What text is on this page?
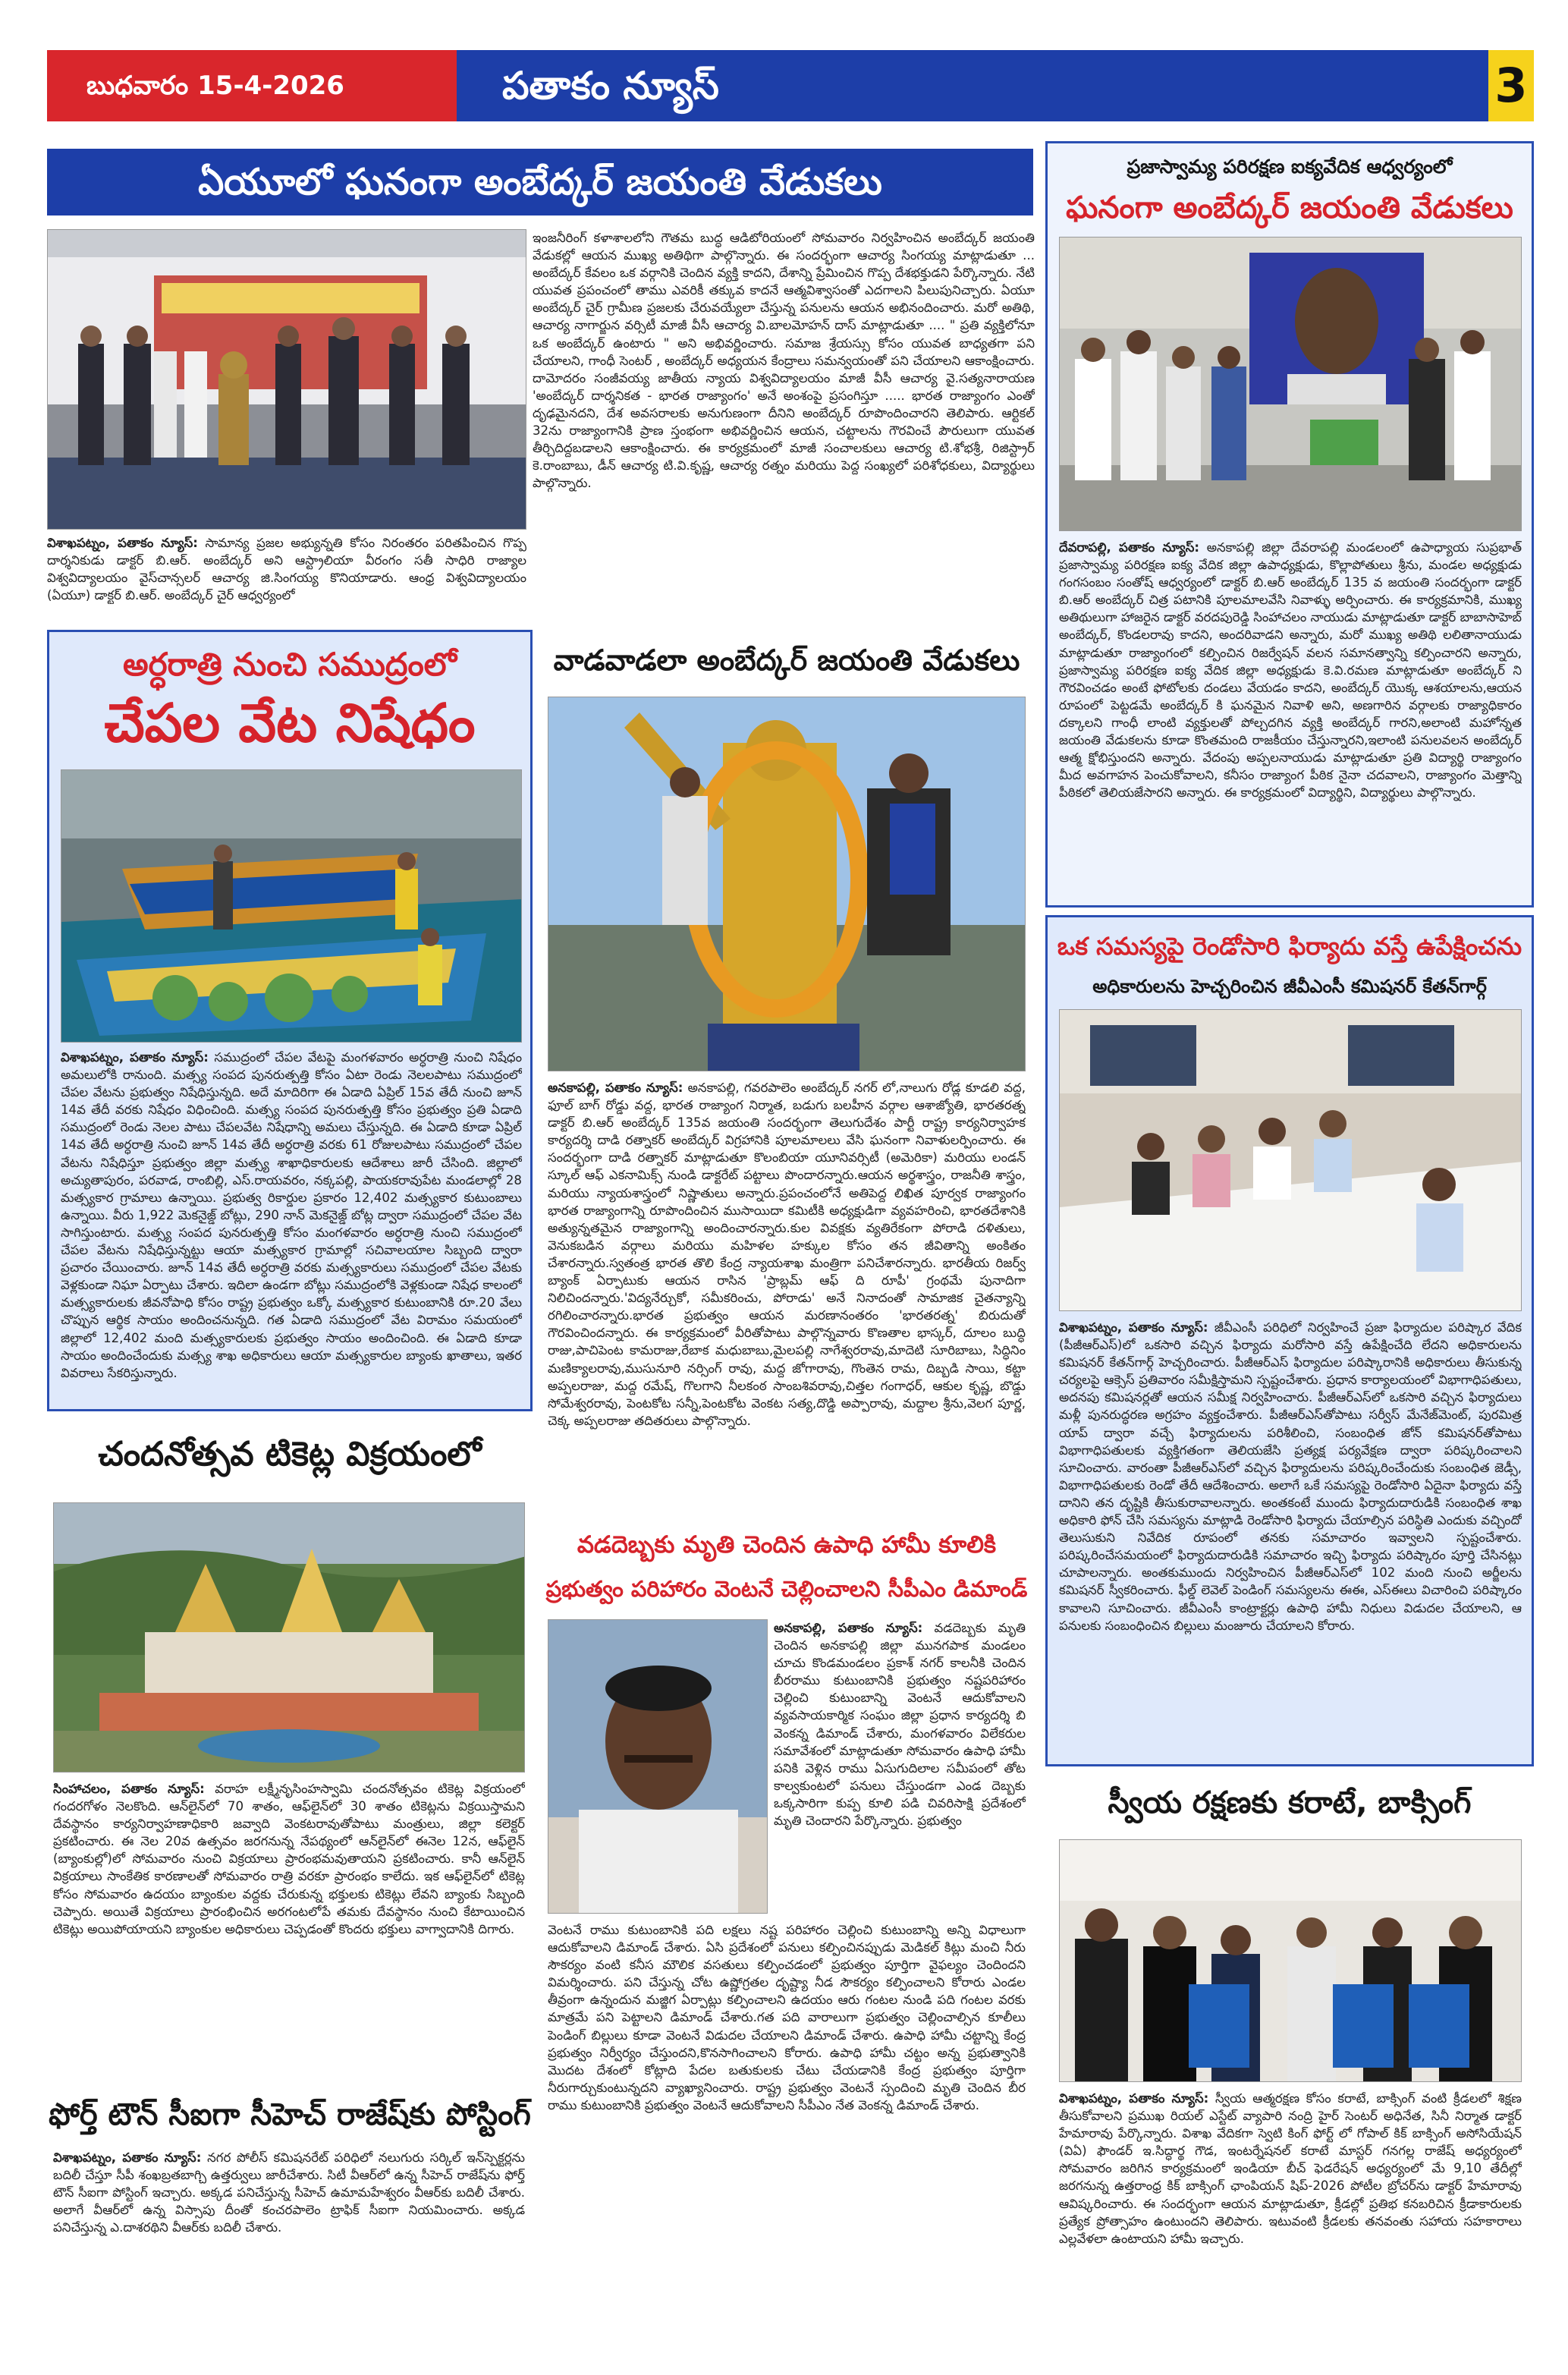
బుధవారం 15-4-2026	పతాకం న్యూస్	3
ఏయూలో ఘనంగా అంబేద్కర్ జయంతి వేడుకలు
ఇంజనీరింగ్ కళాశాలలోని గౌతమ బుద్ధ ఆడిటోరియంలో సోమవారం నిర్వహించిన అంబేద్కర్ జయంతి వేడుకల్లో ఆయన ముఖ్య అతిథిగా పాల్గొన్నారు. ఈ సందర్భంగా ఆచార్య సింగయ్య మాట్లాడుతూ ... అంబేద్కర్ కేవలం ఒక వర్గానికి చెందిన వ్యక్తి కాదని, దేశాన్ని ప్రేమించిన గొప్ప దేశభక్తుడని పేర్కొన్నారు. నేటి యువత ప్రపంచంలో తాము ఎవరికీ తక్కువ కాదనే ఆత్మవిశ్వాసంతో ఎదగాలని పిలుపునిచ్చారు. ఏయూ అంబేద్కర్ చైర్ గ్రామీణ ప్రజలకు చేరువయ్యేలా చేస్తున్న పనులను ఆయన అభినందించారు. మరో అతిథి, ఆచార్య నాగార్జున వర్సిటీ మాజీ వీసీ ఆచార్య వి.బాలమోహన్ దాస్ మాట్లాడుతూ .... " ప్రతి వ్యక్తిలోనూ ఒక అంబేద్కర్ ఉంటారు " అని అభివర్ణించారు. సమాజ శ్రేయస్సు కోసం యువత బాధ్యతగా పని చేయాలని, గాంధీ సెంటర్ , అంబేద్కర్ అధ్యయన కేంద్రాలు సమన్వయంతో పని చేయాలని ఆకాంక్షించారు. దామోదరం సంజీవయ్య జాతీయ న్యాయ విశ్వవిద్యాలయం మాజీ వీసీ ఆచార్య వై.సత్యనారాయణ 'అంబేద్కర్ దార్శనికత - భారత రాజ్యాంగం' అనే అంశంపై ప్రసంగిస్తూ ..... భారత రాజ్యాంగం ఎంతో దృఢమైనదని, దేశ అవసరాలకు అనుగుణంగా దీనిని అంబేద్కర్ రూపొందించారని తెలిపారు. ఆర్టికల్ 32ను రాజ్యాంగానికి ప్రాణ స్తంభంగా అభివర్ణించిన ఆయన, చట్టాలను గౌరవించే పౌరులుగా యువత తీర్చిదిద్దబడాలని ఆకాంక్షించారు. ఈ కార్యక్రమంలో మాజీ సంచాలకులు ఆచార్య టి.శోభశ్రీ, రిజిస్ట్రార్ కె.రాంబాబు, డీన్ ఆచార్య టి.వి.కృష్ణ, ఆచార్య రత్నం మరియు పెద్ద సంఖ్యలో పరిశోధకులు, విద్యార్థులు పాల్గొన్నారు.
విశాఖపట్నం, పతాకం న్యూస్: సామాన్య ప్రజల అభ్యున్నతి కోసం నిరంతరం పరితపించిన గొప్ప దార్శనికుడు డాక్టర్ బి.ఆర్. అంబేద్కర్ అని ఆస్ట్రాలియా వీరంగం సతీ సాధిరి రాజ్యాల విశ్వవిద్యాలయం వైస్‌చాన్సలర్ ఆచార్య జి.సింగయ్య కొనియాడారు. ఆంధ్ర విశ్వవిద్యాలయం (ఏయూ) డాక్టర్ బి.ఆర్. అంబేద్కర్ చైర్ ఆధ్వర్యంలో
అర్ధరాత్రి నుంచి సముద్రంలో
చేపల వేట నిషేధం
విశాఖపట్నం, పతాకం న్యూస్: సముద్రంలో చేపల వేటపై మంగళవారం అర్ధరాత్రి నుంచి నిషేధం అమలులోకి రానుంది. మత్స్య సంపద పునరుత్పత్తి కోసం ఏటా రెండు నెలలపాటు సముద్రంలో చేపల వేటను ప్రభుత్వం నిషేధిస్తున్నది. అదే మాదిరిగా ఈ ఏడాది ఏప్రిల్ 15వ తేదీ నుంచి జూన్ 14వ తేదీ వరకు నిషేధం విధించింది. మత్స్య సంపద పునరుత్పత్తి కోసం ప్రభుత్వం ప్రతి ఏడాది సముద్రంలో రెండు నెలల పాటు చేపలవేట నిషేధాన్ని అమలు చేస్తున్నది. ఈ ఏడాది కూడా ఏప్రిల్ 14వ తేదీ అర్ధరాత్రి నుంచి జూన్ 14వ తేదీ అర్ధరాత్రి వరకు 61 రోజులపాటు సముద్రంలో చేపల వేటను నిషేధిస్తూ ప్రభుత్వం జిల్లా మత్స్య శాఖాధికారులకు ఆదేశాలు జారీ చేసింది. జిల్లాలో అచ్యుతాపురం, పరవాడ, రాంబిల్లి, ఎస్.రాయవరం, నక్కపల్లి, పాయకరావుపేట మండలాల్లో 28 మత్స్యకార గ్రామాలు ఉన్నాయి. ప్రభుత్వ రికార్డుల ప్రకారం 12,402 మత్స్యకార కుటుంబాలు ఉన్నాయి. వీరు 1,922 మెకనైజ్డ్ బోట్లు, 290 నాన్ మెకనైజ్డ్ బోట్ల ద్వారా సముద్రంలో చేపల వేట సాగిస్తుంటారు. మత్స్య సంపద పునరుత్పత్తి కోసం మంగళవారం అర్ధరాత్రి నుంచి సముద్రంలో చేపల వేటను నిషేధిస్తున్నట్టు ఆయా మత్స్యకార గ్రామాల్లో సచివాలయాల సిబ్బంది ద్వారా ప్రచారం చేయించారు. జూన్ 14వ తేదీ అర్ధరాత్రి వరకు మత్స్యకారులు సముద్రంలో చేపల వేటకు వెళ్లకుండా నిఘా ఏర్పాటు చేశారు. ఇదిలా ఉండగా బోట్లు సముద్రంలోకి వెళ్లకుండా నిషేధ కాలంలో మత్స్యకారులకు జీవనోపాధి కోసం రాష్ట్ర ప్రభుత్వం ఒక్కో మత్స్యకార కుటుంబానికి రూ.20 వేలు చొప్పున ఆర్థిక సాయం అందించనున్నది. గత ఏడాది సముద్రంలో వేట విరామం సమయంలో జిల్లాలో 12,402 మంది మత్స్యకారులకు ప్రభుత్వం సాయం అందించింది. ఈ ఏడాది కూడా సాయం అందించేందుకు మత్స్య శాఖ అధికారులు ఆయా మత్స్యకారుల బ్యాంకు ఖాతాలు, ఇతర వివరాలు సేకరిస్తున్నారు.
చందనోత్సవ టికెట్ల విక్రయంలో
సింహాచలం, పతాకం న్యూస్: వరాహ లక్ష్మీనృసింహస్వామి చందనోత్సవం టికెట్ల విక్రయంలో గందరగోళం నెలకొంది. ఆన్‌లైన్‌లో 70 శాతం, ఆఫ్‌లైన్‌లో 30 శాతం టికెట్లను విక్రయిస్తామని దేవస్థానం కార్యనిర్వాహణాధికారి జవ్వాది వెంకటరావుతోపాటు మంత్రులు, జిల్లా కలెక్టర్ ప్రకటించారు. ఈ నెల 20వ ఉత్సవం జరగనున్న నేపథ్యంలో ఆన్‌లైన్‌లో ఈనెల 12న, ఆఫ్‌లైన్ (బ్యాంకుల్లో)లో సోమవారం నుంచి విక్రయాలు ప్రారంభమవుతాయని ప్రకటించారు. కానీ ఆన్‌లైన్ విక్రయాలు సాంకేతిక కారణాలతో సోమవారం రాత్రి వరకూ ప్రారంభం కాలేదు. ఇక ఆఫ్‌లైన్‌లో టికెట్ల కోసం సోమవారం ఉదయం బ్యాంకుల వద్దకు చేరుకున్న భక్తులకు టికెట్లు లేవని బ్యాంకు సిబ్బంది చెప్పారు. అయితే విక్రయాలు ప్రారంభించిన అరగంటలోపే తమకు దేవస్థానం నుంచి కేటాయించిన టికెట్లు అయిపోయాయని బ్యాంకుల అధికారులు చెప్పడంతో కొందరు భక్తులు వాగ్వాదానికి దిగారు.
ఫోర్త్ టౌన్ సీఐగా సీహెచ్ రాజేష్‌కు పోస్టింగ్
విశాఖపట్నం, పతాకం న్యూస్: నగర పోలీస్ కమిషనరేట్ పరిధిలో నలుగురు సర్కిల్ ఇన్‌స్పెక్టర్లను బదిలీ చేస్తూ సీపీ శంఖబ్రతబాగ్చి ఉత్తర్వులు జారీచేశారు. సిటీ వీఆర్‌లో ఉన్న సీహెచ్ రాజేష్‌ను ఫోర్త్ టౌన్ సీఐగా పోస్టింగ్ ఇచ్చారు. అక్కడ పనిచేస్తున్న సీహెచ్ ఉమామహేశ్వరం వీఆర్‌కు బదిలీ చేశారు. అలాగే వీఆర్‌లో ఉన్న విస్సాపు దీంతో కంచరపాలెం ట్రాఫిక్ సీఐగా నియమించారు. అక్కడ పనిచేస్తున్న ఎ.దాశరథిని వీఆర్‌కు బదిలీ చేశారు.
వాడవాడలా అంబేద్కర్ జయంతి వేడుకలు
అనకాపల్లి, పతాకం న్యూస్: అనకాపల్లి, గవరపాలెం అంబేద్కర్ నగర్ లో,నాలుగు రోడ్ల కూడలి వద్ద, ఫూల్ బాగ్ రోడ్డు వద్ద, భారత రాజ్యాంగ నిర్మాత, బడుగు బలహీన వర్గాల ఆశాజ్యోతి, భారతరత్న డాక్టర్ బి.ఆర్ అంబేద్కర్ 135వ జయంతి సందర్భంగా తెలుగుదేశం పార్టీ రాష్ట్ర కార్యనిర్వాహక కార్యదర్శి దాడి రత్నాకర్ అంబేద్కర్ విగ్రహానికి పూలమాలలు వేసి ఘనంగా నివాళులర్పించారు. ఈ సందర్భంగా దాడి రత్నాకర్ మాట్లాడుతూ కొలంబియా యూనివర్సిటీ (అమెరికా) మరియు లండన్ స్కూల్ ఆఫ్ ఎకనామిక్స్ నుండి డాక్టరేట్ పట్టాలు పొందారన్నారు.ఆయన అర్థశాస్త్రం, రాజనీతి శాస్త్రం, మరియు న్యాయశాస్త్రంలో నిష్ణాతులు అన్నారు.ప్రపంచంలోనే అతిపెద్ద లిఖిత పూర్వక రాజ్యాంగం భారత రాజ్యాంగాన్ని రూపొందించిన ముసాయిదా కమిటీకి అధ్యక్షుడిగా వ్యవహరించి, భారతదేశానికి అత్యున్నతమైన రాజ్యాంగాన్ని అందించారన్నారు.కుల వివక్షకు వ్యతిరేకంగా పోరాడి దళితులు, వెనుకబడిన వర్గాలు మరియు మహిళల హక్కుల కోసం తన జీవితాన్ని అంకితం చేశారన్నారు.స్వతంత్ర భారత తొలి కేంద్ర న్యాయశాఖ మంత్రిగా పనిచేశారన్నారు. భారతీయ రిజర్వ్ బ్యాంక్ ఏర్పాటుకు ఆయన రాసిన 'ప్రాబ్లమ్ ఆఫ్ ది రూపీ' గ్రంథమే పునాదిగా నిలిచిందన్నారు.'విద్యనేర్చుకో, సమీకరించు, పోరాడు' అనే నినాదంతో సామాజిక చైతన్యాన్ని రగిలించారన్నారు.భారత ప్రభుత్వం ఆయన మరణానంతరం 'భారతరత్న' బిరుదుతో గౌరవించిందన్నారు. ఈ కార్యక్రమంలో వీరితోపాటు పాల్గొన్నవారు కొణతాల భాస్కర్, దూలం బుద్ధి రాజు,పాచిపెంట కామరాజు,రేబాక మధుబాబు,మైలపల్లి నాగేశ్వరరావు,మాదెటి సూరిబాబు, సిద్ధినిం మణిక్యాలరావు,ముసునూరి నర్సింగ్ రావు, మద్ద జోగారావు, గొంతెన రామ, దిబ్బడి సాయి, కట్టా అప్పలరాజు, మద్ద రమేష్, గొలగాని నీలకంఠ సాంబశివరావు,చిత్తల గంగాధర్, ఆకుల కృష్ణ, బొడ్డు సోమేశ్వరరావు, పెంటకోట సన్నీ,పెంటకోట వెంకట సత్య,దొడ్డి అప్పారావు, మద్దాల శ్రీను,వెలగ పూర్ణ, చెక్క అప్పలరాజు తదితరులు పాల్గొన్నారు.
వడదెబ్బకు మృతి చెందిన ఉపాధి హామీ కూలికి
ప్రభుత్వం పరిహారం వెంటనే చెల్లించాలని సీపీఎం డిమాండ్
అనకాపల్లి, పతాకం న్యూస్: వడదెబ్బకు మృతి చెందిన అనకాపల్లి జిల్లా మునగపాక మండలం చూచు కొండమండలం ప్రకాశ్ నగర్ కాలనీకి చెందిన బీరరాము కుటుంబానికి ప్రభుత్వం నష్టపరిహారం చెల్లించి కుటుంబాన్ని వెంటనే ఆదుకోవాలని వ్యవసాయకార్మిక సంఘం జిల్లా ప్రధాన కార్యదర్శి బి వెంకన్న డిమాండ్ చేశారు, మంగళవారం విలేకరుల సమావేశంలో మాట్లాడుతూ సోమవారం ఉపాధి హామీ పనికి వెళ్లిన రాము ఏసుగుదిలాల సమీపంలో తోట కాల్వకుంటలో పనులు చేస్తుండగా ఎండ దెబ్బకు ఒక్కసారిగా కుప్ప కూలి పడి చివరిసాక్షి ప్రదేశంలో మృతి చెందారని పేర్కొన్నారు. ప్రభుత్వం
వెంటనే రాము కుటుంబానికి పది లక్షలు నష్ట పరిహారం చెల్లించి కుటుంబాన్ని అన్ని విధాలుగా ఆదుకోవాలని డిమాండ్ చేశారు. ఏసి ప్రదేశంలో పనులు కల్పించినప్పుడు మెడికల్ కిట్లు మంచి నీరు సౌకర్యం వంటి కనీస మౌలిక వసతులు కల్పించడంలో ప్రభుత్వం పూర్తిగా వైఫల్యం చెందిందని విమర్శించారు. పని చేస్తున్న చోట ఉష్ణోగ్రతల దృష్ట్యా నీడ సౌకర్యం కల్పించాలని కోరారు ఎండల తీవ్రంగా ఉన్నందున మజ్జిగ ఏర్పాట్లు కల్పించాలని ఉదయం ఆరు గంటల నుండి పది గంటల వరకు మాత్రమే పని పెట్టాలని డిమాండ్ చేశారు.గత పది వారాలుగా ప్రభుత్వం చెల్లించాల్సిన కూలీలు పెండింగ్ బిల్లులు కూడా వెంటనే విడుదల చేయాలని డిమాండ్ చేశారు. ఉపాధి హామీ చట్టాన్ని కేంద్ర ప్రభుత్వం నిర్వీర్యం చేస్తుందని,కొనసాగించాలని కోరారు. ఉపాధి హామీ చట్టం అన్న ప్రభుత్వానికి మొదట దేశంలో కోట్లాది పేదల బతుకులకు చేటు చేయడానికి కేంద్ర ప్రభుత్వం పూర్తిగా నీరుగార్చుకుంటున్నదని వ్యాఖ్యానించారు. రాష్ట్ర ప్రభుత్వం వెంటనే స్పందించి మృతి చెందిన బీర రాము కుటుంబానికి ప్రభుత్వం వెంటనే ఆదుకోవాలని సీపీఎం నేత వెంకన్న డిమాండ్ చేశారు.
ప్రజాస్వామ్య పరిరక్షణ ఐక్యవేదిక ఆధ్వర్యంలో
ఘనంగా అంబేద్కర్ జయంతి వేడుకలు
దేవరాపల్లి, పతాకం న్యూస్: అనకాపల్లి జిల్లా దేవరాపల్లి మండలంలో ఉపాధ్యాయ సుప్రభాత్ ప్రజాస్వామ్య పరిరక్షణ ఐక్య వేదిక జిల్లా ఉపాధ్యక్షుడు, కొల్లాపోతులు శ్రీను, మండల అధ్యక్షుడు గంగసంబం సంతోష్ ఆధ్వర్యంలో డాక్టర్ బి.ఆర్ అంబేద్కర్ 135 వ జయంతి సందర్భంగా డాక్టర్ బి.ఆర్ అంబేద్కర్ చిత్ర పటానికి పూలమాలవేసి నివాళ్ళు అర్పించారు. ఈ కార్యక్రమానికి, ముఖ్య అతిథులుగా హాజరైన డాక్టర్ వరదపురెడ్డి సింహాచలం నాయుడు మాట్లాడుతూ డాక్టర్ బాబాసాహెబ్ అంబేద్కర్, కొండలరావు కాదని, అందరివాడని అన్నారు, మరో ముఖ్య అతిథి లలితానాయుడు మాట్లాడుతూ రాజ్యాంగంలో కల్పించిన రిజర్వేషన్ వలన సమానత్వాన్ని కల్పించారని అన్నారు, ప్రజాస్వామ్య పరిరక్షణ ఐక్య వేదిక జిల్లా అధ్యక్షుడు కె.వి.రమణ మాట్లాడుతూ అంబేద్కర్ ని గౌరవించడం అంటే ఫోటోలకు దండలు వేయడం కాదని, అంబేద్కర్ యొక్క ఆశయాలను,ఆయన రూపంలో పెట్టడమే అంబేద్కర్ కి ఘనమైన నివాళి అని, అణగారిన వర్గాలకు రాజ్యాధికారం దక్కాలని గాంధీ లాంటి వ్యక్తులతో పోల్చదగిన వ్యక్తి అంబేద్కర్ గారని,అలాంటి మహోన్నత జయంతి వేడుకలను కూడా కొంతమంది రాజకీయం చేస్తున్నారని,ఇలాంటి పనులవలన అంబేద్కర్ ఆత్మ క్షోభిస్తుందని అన్నారు. వేదంపు అప్పలనాయుడు మాట్లాడుతూ ప్రతి విద్యార్థి రాజ్యాంగం మీద అవగాహన పెంచుకోవాలని, కనీసం రాజ్యాంగ పీఠిక నైనా చదవాలని, రాజ్యాంగం మెత్తాన్ని పీఠికలో తెలియజేసారని అన్నారు. ఈ కార్యక్రమంలో విద్యార్థిని, విద్యార్థులు పాల్గొన్నారు.
ఒక సమస్యపై రెండోసారి ఫిర్యాదు వస్తే ఉపేక్షించను
అధికారులను హెచ్చరించిన జీవీఎంసీ కమిషనర్ కేతన్‌గార్గ్
విశాఖపట్నం, పతాకం న్యూస్: జీవీఎంసీ పరిధిలో నిర్వహించే ప్రజా ఫిర్యాదుల పరిష్కార వేదిక (పీజీఆర్‌ఎస్)లో ఒకసారి వచ్చిన ఫిర్యాదు మరోసారి వస్తే ఉపేక్షించేది లేదని అధికారులను కమిషనర్ కేతన్‌గార్గ్ హెచ్చరించారు. పీజీఆర్‌ఎస్ ఫిర్యాదుల పరిష్కారానికి అధికారులు తీసుకున్న చర్యలపై ఆక్సెస్ ప్రతివారం సమీక్షిస్తామని స్పష్టంచేశారు. ప్రధాన కార్యాలయంలో విభాగాధిపతులు, అదనపు కమిషనర్లతో ఆయన సమీక్ష నిర్వహించారు. పీజీఆర్‌ఎస్‌లో ఒకసారి వచ్చిన ఫిర్యాదులు మళ్లీ పునరుద్ధరణ అగ్రహం వ్యక్తంచేశారు. పీజీఆర్‌ఎస్‌తోపాటు సర్వీస్ మేనేజ్‌మెంట్, పురమిత్ర యాప్ ద్వారా వచ్చే ఫిర్యాదులను పరిశీలించి, సంబంధిత జోన్ కమిషనర్‌తోపాటు విభాగాధిపతులకు వ్యక్తిగతంగా తెలియజేసి ప్రత్యక్ష పర్యవేక్షణ ద్వారా పరిష్కరించాలని సూచించారు. వారంతా పీజీఆర్‌ఎస్‌లో వచ్చిన ఫిర్యాదులను పరిష్కరించేందుకు సంబంధిత జెడ్సీ, విభాగాధిపతులకు రెండో తేదీ ఆదేశించారు. అలాగే ఒకే సమస్యపై రెండోసారి ఏదైనా ఫిర్యాదు వస్తే దానిని తన దృష్టికి తీసుకురావాలన్నారు. అంతకంటే ముందు ఫిర్యాదుదారుడికి సంబంధిత శాఖ అధికారి ఫోన్ చేసి సమస్యను మాట్లాడి రెండోసారి ఫిర్యాదు చేయాల్సిన పరిస్థితి ఎందుకు వచ్చిందో తెలుసుకుని నివేదిక రూపంలో తనకు సమాచారం ఇవ్వాలని స్పష్టంచేశారు. పరిష్కరించేసమయంలో ఫిర్యాదుదారుడికి సమాచారం ఇచ్చి ఫిర్యాదు పరిష్కారం పూర్తి చేసినట్లు చూపాలన్నారు. అంతకుముందు నిర్వహించిన పీజీఆర్‌ఎస్‌లో 102 మంది నుంచి అర్జీలను కమిషనర్ స్వీకరించారు. ఫీల్డ్ లెవెల్ పెండింగ్ సమస్యలను ఈఈ, ఎస్‌ఈలు విచారించి పరిష్కారం కావాలని సూచించారు. జీవీఎంసీ కాంట్రాక్టర్లు ఉపాధి హామీ నిధులు విడుదల చేయాలని, ఆ పనులకు సంబంధించిన బిల్లులు మంజూరు చేయాలని కోరారు.
స్వీయ రక్షణకు కరాటే, బాక్సింగ్
విశాఖపట్నం, పతాకం న్యూస్: స్వీయ ఆత్మరక్షణ కోసం కరాటే, బాక్సింగ్ వంటి క్రీడలలో శిక్షణ తీసుకోవాలని ప్రముఖ రియల్ ఎస్టేట్ వ్యాపారి నంద్రి హైర్ సెంటర్ అధినేత, సినీ నిర్మాత డాక్టర్ హేమారావు పేర్కొన్నారు. విశాఖ వేదికగా స్వెటి కింగ్ ఫోర్ట్ లో గోపాల్ కిక్ బాక్సింగ్ అసోసియేషన్ (విఏ) ఫౌండర్ ఇ.సిద్ధార్థ గౌడ, ఇంటర్నేషనల్ కరాటే మాస్టర్ గనగల్ల రాజేష్ అధ్యర్యంలో సోమవారం జరిగిన కార్యక్రమంలో ఇండియా బీచ్ ఫెడరేషన్ అధ్యర్యంలో మే 9,10 తేదీల్లో జరగనున్న ఉత్తరాంధ్ర కిక్ బాక్సింగ్ ఛాంపియన్ షిప్-2026 పోటీల బ్రోచర్‌ను డాక్టర్ హేమారావు ఆవిష్కరించారు. ఈ సందర్భంగా ఆయన మాట్లాడుతూ, క్రీడల్లో ప్రతిభ కనబరిచిన క్రీడాకారులకు ప్రత్యేక ప్రోత్సాహం ఉంటుందని తెలిపారు. ఇటువంటి క్రీడలకు తనవంతు సహాయ సహకారాలు ఎల్లవేళలా ఉంటాయని హామీ ఇచ్చారు.
